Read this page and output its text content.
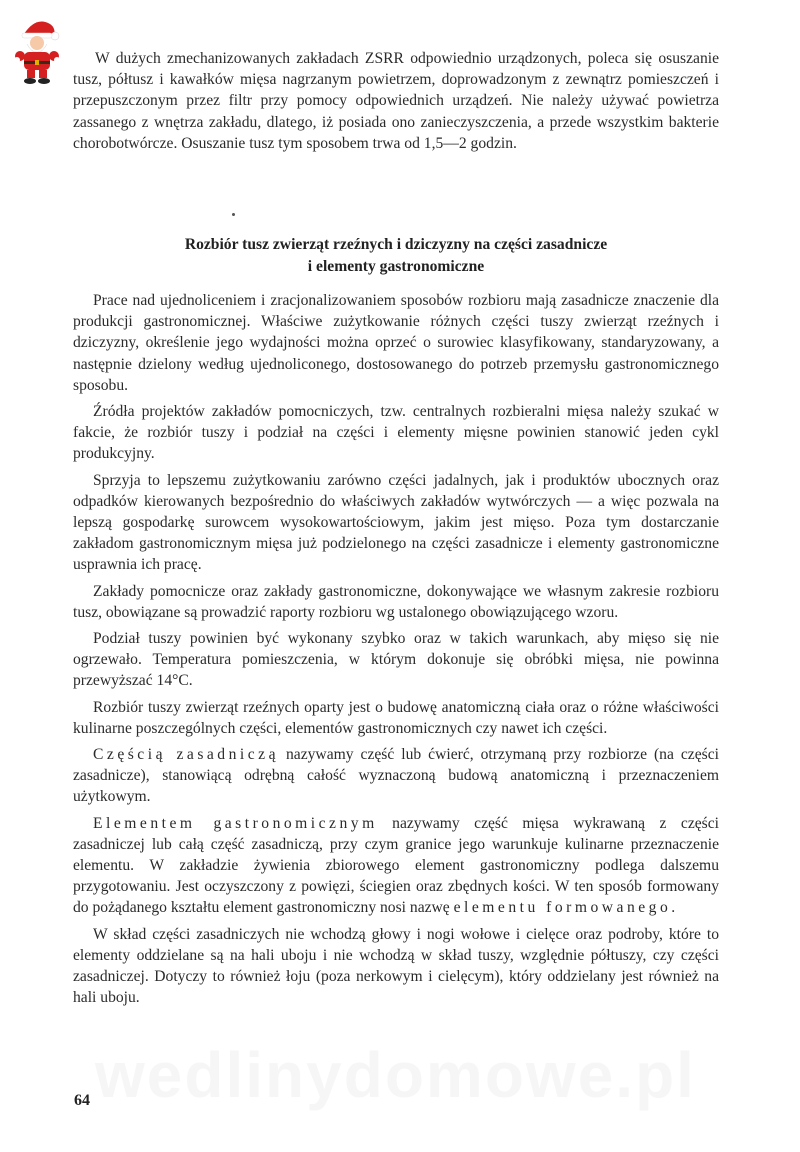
wedlinydomowe.pl

W dużych zmechanizowanych zakładach ZSRR odpowiednio urządzonych, poleca się osuszanie tusz, półtusz i kawałków mięsa nagrzanym powietrzem, doprowadzonym z zewnątrz pomieszczeń i przepuszczonym przez filtr przy pomocy odpowiednich urządzeń. Nie należy używać powietrza zassanego z wnętrza zakładu, dlatego, iż posiada ono zanieczyszczenia, a przede wszystkim bakterie chorobotwórcze. Osuszanie tusz tym sposobem trwa od 1,5—2 godzin.

Rozbiór tusz zwierząt rzeźnych i dziczyzny na części zasadnicze
i elementy gastronomiczne

Prace nad ujednoliceniem i zracjonalizowaniem sposobów rozbioru mają zasadnicze znaczenie dla produkcji gastronomicznej. Właściwe zużytkowanie różnych części tuszy zwierząt rzeźnych i dziczyzny, określenie jego wydajności można oprzeć o surowiec klasyfikowany, standaryzowany, a następnie dzielony według ujednoliconego, dostosowanego do potrzeb przemysłu gastronomicznego sposobu.

Źródła projektów zakładów pomocniczych, tzw. centralnych rozbieralni mięsa należy szukać w fakcie, że rozbiór tuszy i podział na części i elementy mięsne powinien stanowić jeden cykl produkcyjny.

Sprzyja to lepszemu zużytkowaniu zarówno części jadalnych, jak i produktów ubocznych oraz odpadków kierowanych bezpośrednio do właściwych zakładów wytwórczych — a więc pozwala na lepszą gospodarkę surowcem wysokowartościowym, jakim jest mięso. Poza tym dostarczanie zakładom gastronomicznym mięsa już podzielonego na części zasadnicze i elementy gastronomiczne usprawnia ich pracę.

Zakłady pomocnicze oraz zakłady gastronomiczne, dokonywające we własnym zakresie rozbioru tusz, obowiązane są prowadzić raporty rozbioru wg ustalonego obowiązującego wzoru.

Podział tuszy powinien być wykonany szybko oraz w takich warunkach, aby mięso się nie ogrzewało. Temperatura pomieszczenia, w którym dokonuje się obróbki mięsa, nie powinna przewyższać 14°C.

Rozbiór tuszy zwierząt rzeźnych oparty jest o budowę anatomiczną ciała oraz o różne właściwości kulinarne poszczególnych części, elementów gastronomicznych czy nawet ich części.

Częścią zasadniczą nazywamy część lub ćwierć, otrzymaną przy rozbiorze (na części zasadnicze), stanowiącą odrębną całość wyznaczoną budową anatomiczną i przeznaczeniem użytkowym.

Elementem gastronomicznym nazywamy część mięsa wykrawaną z części zasadniczej lub całą część zasadniczą, przy czym granice jego warunkuje kulinarne przeznaczenie elementu. W zakładzie żywienia zbiorowego element gastronomiczny podlega dalszemu przygotowaniu. Jest oczyszczony z powięzi, ściegien oraz zbędnych kości. W ten sposób formowany do pożądanego kształtu element gastronomiczny nosi nazwę elementu formowanego.

W skład części zasadniczych nie wchodzą głowy i nogi wołowe i cielęce oraz podroby, które to elementy oddzielane są na hali uboju i nie wchodzą w skład tuszy, względnie półtuszy, czy części zasadniczej. Dotyczy to również łoju (poza nerkowym i cielęcym), który oddzielany jest również na hali uboju.

64
